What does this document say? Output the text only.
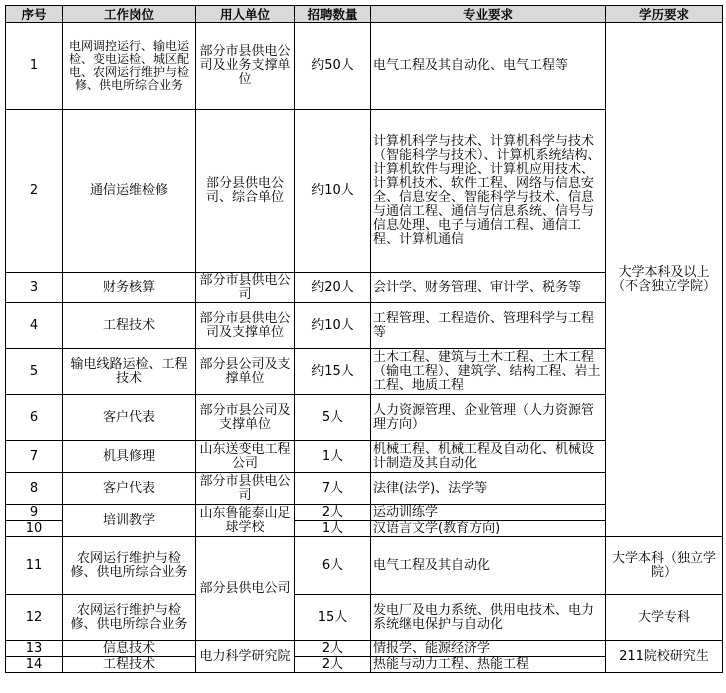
序号	工作岗位	用人单位	招聘数量	专业要求	学历要求
1	电网调控运行、输电运检、变电运检、城区配电、农网运行维护与检修、供电所综合业务	部分市县供电公司及业务支撑单位	约50人	电气工程及其自动化、电气工程等	大学本科及以上（不含独立学院）
2	通信运维检修	部分县供电公司、综合单位	约10人	计算机科学与技术、计算机科学与技术（智能科学与技术）、计算机系统结构、计算机软件与理论、计算机应用技术、计算机技术、软件工程、网络与信息安全、信息安全、智能科学与技术、信息与通信工程、通信与信息系统、信号与信息处理、电子与通信工程、通信工程、计算机通信	
3	财务核算	部分市县供电公司	约20人	会计学、财务管理、审计学、税务等	
4	工程技术	部分市县供电公司及支撑单位	约10人	工程管理、工程造价、管理科学与工程等	
5	输电线路运检、工程技术	部分县公司及支撑单位	约15人	土木工程、建筑与土木工程、土木工程（输电工程）、建筑学、结构工程、岩土工程、地质工程	
6	客户代表	部分市县公司及支撑单位	5人	人力资源管理、企业管理（人力资源管理方向）	
7	机具修理	山东送变电工程公司	1人	机械工程、机械工程及自动化、机械设计制造及其自动化	
8	客户代表	部分市县供电公司	7人	法律(法学)、法学等	
9	培训教学	山东鲁能泰山足球学校	2人	运动训练学	
10			1人	汉语言文学(教育方向)	
11	农网运行维护与检修、供电所综合业务	部分县供电公司	6人	电气工程及其自动化	大学本科（独立学院）
12	农网运行维护与检修、供电所综合业务		15人	发电厂及电力系统、供用电技术、电力系统继电保护与自动化	大学专科
13	信息技术	电力科学研究院	2人	情报学、能源经济学	211院校研究生
14	工程技术		2人	热能与动力工程、热能工程	
